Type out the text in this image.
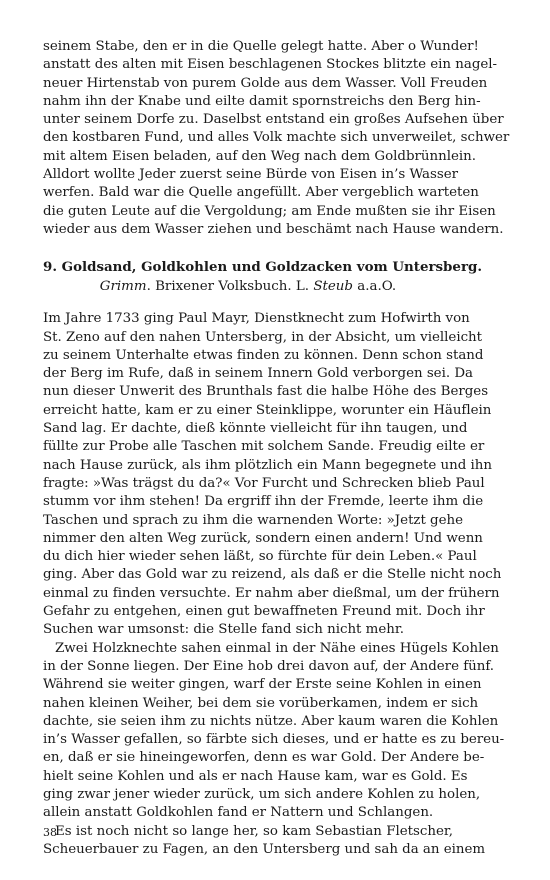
seinem Stabe, den er in die Quelle gelegt hatte. Aber o Wunder!
anstatt des alten mit Eisen beschlagenen Stockes blitzte ein nagel-
neuer Hirtenstab von purem Golde aus dem Wasser. Voll Freuden
nahm ihn der Knabe und eilte damit spornstreichs den Berg hin-
unter seinem Dorfe zu. Daselbst entstand ein großes Aufsehen über
den kostbaren Fund, und alles Volk machte sich unverweilet, schwer
mit altem Eisen beladen, auf den Weg nach dem Goldbrünnlein.
Alldort wollte Jeder zuerst seine Bürde von Eisen in’s Wasser
werfen. Bald war die Quelle angefüllt. Aber vergeblich warteten
die guten Leute auf die Vergoldung; am Ende mußten sie ihr Eisen
wieder aus dem Wasser ziehen und beschämt nach Hause wandern.
9. Goldsand, Goldkohlen und Goldzacken vom Untersberg.
Grimm. Brixener Volksbuch. L. Steub a.a.O.
Im Jahre 1733 ging Paul Mayr, Dienstknecht zum Hofwirth von
St. Zeno auf den nahen Untersberg, in der Absicht, um vielleicht
zu seinem Unterhalte etwas finden zu können. Denn schon stand
der Berg im Rufe, daß in seinem Innern Gold verborgen sei. Da
nun dieser Unwerit des Brunthals fast die halbe Höhe des Berges
erreicht hatte, kam er zu einer Steinklippe, worunter ein Häuflein
Sand lag. Er dachte, dieß könnte vielleicht für ihn taugen, und
füllte zur Probe alle Taschen mit solchem Sande. Freudig eilte er
nach Hause zurück, als ihm plötzlich ein Mann begegnete und ihn
fragte: »Was trägst du da?« Vor Furcht und Schrecken blieb Paul
stumm vor ihm stehen! Da ergriff ihn der Fremde, leerte ihm die
Taschen und sprach zu ihm die warnenden Worte: »Jetzt gehe
nimmer den alten Weg zurück, sondern einen andern! Und wenn
du dich hier wieder sehen läßt, so fürchte für dein Leben.« Paul
ging. Aber das Gold war zu reizend, als daß er die Stelle nicht noch
einmal zu finden versuchte. Er nahm aber dießmal, um der frühern
Gefahr zu entgehen, einen gut bewaffneten Freund mit. Doch ihr
Suchen war umsonst: die Stelle fand sich nicht mehr.
Zwei Holzknechte sahen einmal in der Nähe eines Hügels Kohlen
in der Sonne liegen. Der Eine hob drei davon auf, der Andere fünf.
Während sie weiter gingen, warf der Erste seine Kohlen in einen
nahen kleinen Weiher, bei dem sie vorüberkamen, indem er sich
dachte, sie seien ihm zu nichts nütze. Aber kaum waren die Kohlen
in’s Wasser gefallen, so färbte sich dieses, und er hatte es zu bereu-
en, daß er sie hineingeworfen, denn es war Gold. Der Andere be-
hielt seine Kohlen und als er nach Hause kam, war es Gold. Es
ging zwar jener wieder zurück, um sich andere Kohlen zu holen,
allein anstatt Goldkohlen fand er Nattern und Schlangen.
Es ist noch nicht so lange her, so kam Sebastian Fletscher,
Scheuerbauer zu Fagen, an den Untersberg und sah da an einem
38
